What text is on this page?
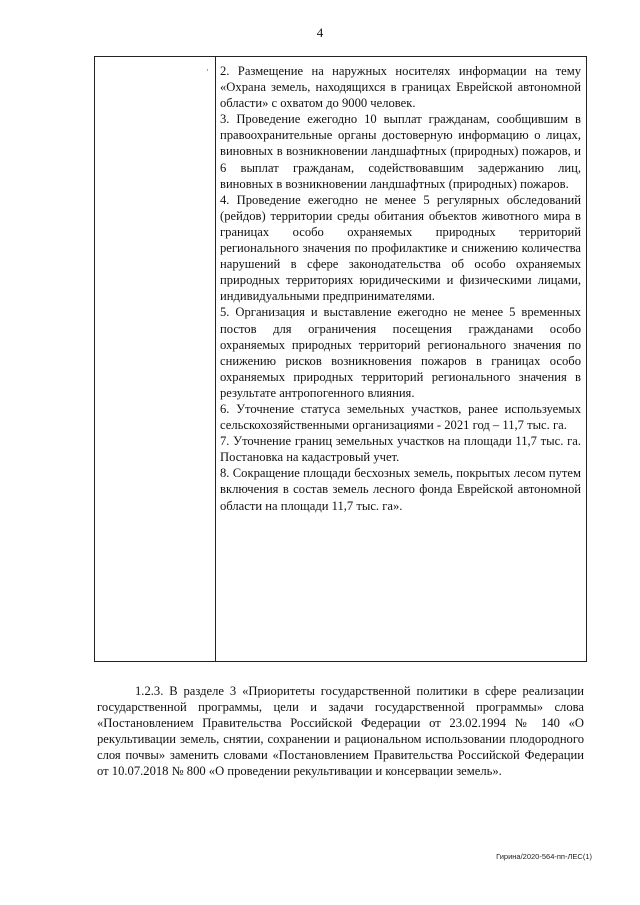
4
· 2. Размещение на наружных носителях информации на тему «Охрана земель, находящихся в границах Еврейской автономной области» с охватом до 9000 человек.

3. Проведение ежегодно 10 выплат гражданам, сообщившим в правоохранительные органы достоверную информацию о лицах, виновных в возникновении ландшафтных (природных) пожаров, и 6 выплат гражданам, содействовавшим задержанию лиц, виновных в возникновении ландшафтных (природных) пожаров.

4. Проведение ежегодно не менее 5 регулярных обследований (рейдов) территории среды обитания объектов животного мира в границах особо охраняемых природных территорий регионального значения по профилактике и снижению количества нарушений в сфере законодательства об особо охраняемых природных территориях юридическими и физическими лицами, индивидуальными предпринимателями.

5. Организация и выставление ежегодно не менее 5 временных постов для ограничения посещения гражданами особо охраняемых природных территорий регионального значения по снижению рисков возникновения пожаров в границах особо охраняемых природных территорий регионального значения в результате антропогенного влияния.

6. Уточнение статуса земельных участков, ранее используемых сельскохозяйственными организациями - 2021 год – 11,7 тыс. га.

7. Уточнение границ земельных участков на площади 11,7 тыс. га. Постановка на кадастровый учет.

8. Сокращение площади бесхозных земель, покрытых лесом путем включения в состав земель лесного фонда Еврейской автономной области на площади 11,7 тыс. га».

1.2.3. В разделе 3 «Приоритеты государственной политики в сфере реализации государственной программы, цели и задачи государственной программы» слова «Постановлением Правительства Российской Федерации от 23.02.1994 № 140 «О рекультивации земель, снятии, сохранении и рациональном использовании плодородного слоя почвы» заменить словами «Постановлением Правительства Российской Федерации от 10.07.2018 № 800 «О проведении рекультивации и консервации земель».

Гирина/2020-564-пп-ЛЕС(1)
